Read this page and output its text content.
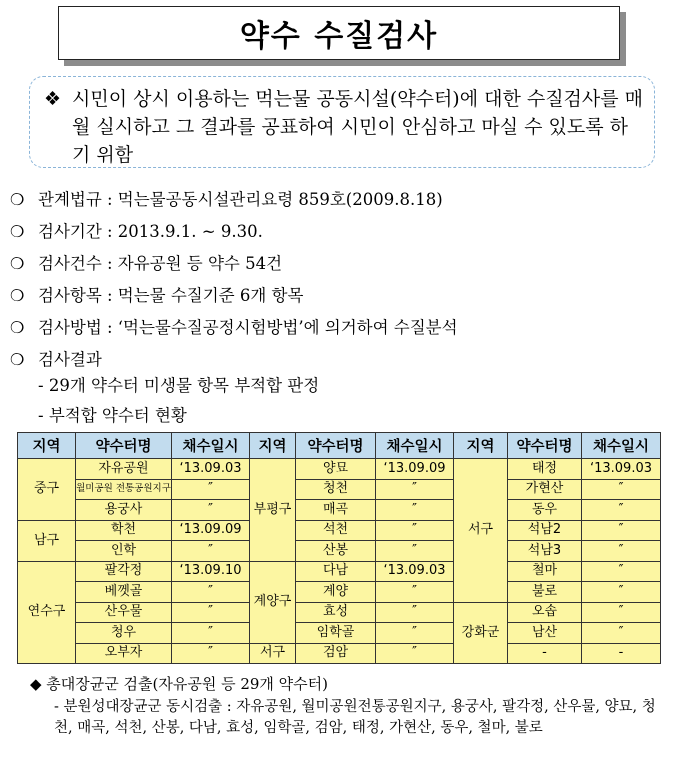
약수 수질검사
❖ 시민이 상시 이용하는 먹는물 공동시설(약수터)에 대한 수질검사를 매월 실시하고 그 결과를 공표하여 시민이 안심하고 마실 수 있도록 하기 위함
❍ 관계법규 : 먹는물공동시설관리요령 859호(2009.8.18)
❍ 검사기간 : 2013.9.1. ~ 9.30.
❍ 검사건수 : 자유공원 등 약수 54건
❍ 검사항목 : 먹는물 수질기준 6개 항목
❍ 검사방법 : ‘먹는물수질공정시험방법’에 의거하여 수질분석
❍ 검사결과
- 29개 약수터 미생물 항목 부적합 판정
- 부적합 약수터 현황
지역	약수터명	채수일시	지역	약수터명	채수일시	지역	약수터명	채수일시
중구	자유공원	‘13.09.03	부평구	양묘	‘13.09.09	서구	태정	‘13.09.03
	월미공원 전통공원지구	″		청천	″		가현산	″
	용궁사	″		매곡	″		동우	″
남구	학천	‘13.09.09		석천	″		석남2	″
	인학	″		산봉	″		석남3	″
연수구	팔각정	‘13.09.10	계양구	다남	‘13.09.03		철마	″
	베껫골	″		계양	″		불로	″
	산우물	″		효성	″	강화군	오솝	″
	청우	″		임학골	″		남산	″
	오부자	″	서구	검암	″		-	-
◆ 총대장균군 검출(자유공원 등 29개 약수터)
- 분원성대장균군 동시검출 : 자유공원, 월미공원전통공원지구, 용궁사, 팔각정, 산우물, 양묘, 청천, 매곡, 석천, 산봉, 다남, 효성, 임학골, 검암, 태정, 가현산, 동우, 철마, 불로
